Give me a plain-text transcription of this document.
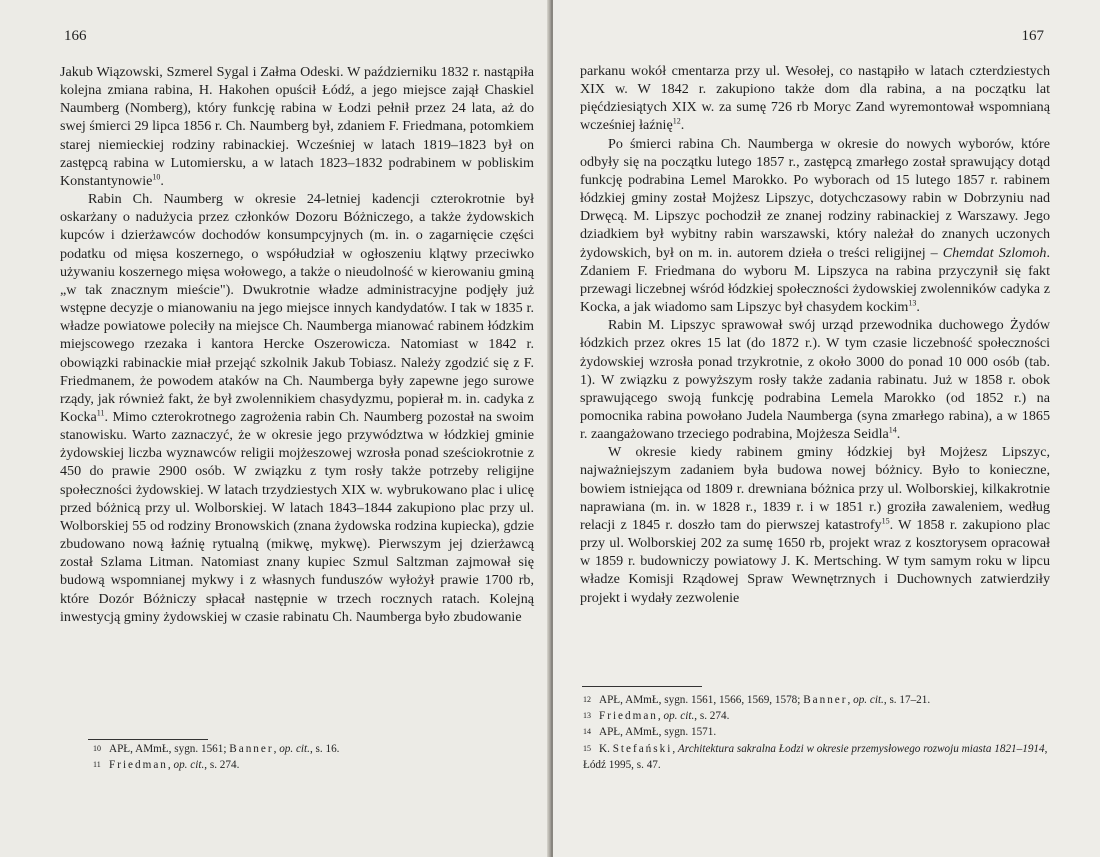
166

Jakub Wiązowski, Szmerel Sygal i Załma Odeski. W październiku 1832 r. nastąpiła kolejna zmiana rabina, H. Hakohen opuścił Łódź, a jego miejsce zajął Chaskiel Naumberg (Nomberg), który funkcję rabina w Łodzi pełnił przez 24 lata, aż do swej śmierci 29 lipca 1856 r. Ch. Naumberg był, zdaniem F. Friedmana, potomkiem starej niemieckiej rodziny rabinackiej. Wcześniej w latach 1819–1823 był on zastępcą rabina w Lutomiersku, a w latach 1823–1832 podrabinem w pobliskim Konstantynowie$^{10}$.

Rabin Ch. Naumberg w okresie 24-letniej kadencji czterokrotnie był oskarżany o nadużycia przez członków Dozoru Bóżniczego, a także żydowskich kupców i dzierżawców dochodów konsumpcyjnych (m. in. o zagarnięcie części podatku od mięsa koszernego, o współudział w ogłoszeniu klątwy przeciwko używaniu koszernego mięsa wołowego, a także o nieudolność w kierowaniu gminą „w tak znacznym mieście"). Dwukrotnie władze administracyjne podjęły już wstępne decyzje o mianowaniu na jego miejsce innych kandydatów. I tak w 1835 r. władze powiatowe poleciły na miejsce Ch. Naumberga mianować rabinem łódzkim miejscowego rzezaka i kantora Hercke Oszerowicza. Natomiast w 1842 r. obowiązki rabinackie miał przejąć szkolnik Jakub Tobiasz. Należy zgodzić się z F. Friedmanem, że powodem ataków na Ch. Naumberga były zapewne jego surowe rządy, jak również fakt, że był zwolennikiem chasydyzmu, popierał m. in. cadyka z Kocka$^{11}$. Mimo czterokrotnego zagrożenia rabin Ch. Naumberg pozostał na swoim stanowisku. Warto zaznaczyć, że w okresie jego przywództwa w łódzkiej gminie żydowskiej liczba wyznawców religii mojżeszowej wzrosła ponad sześciokrotnie z 450 do prawie 2900 osób. W związku z tym rosły także potrzeby religijne społeczności żydowskiej. W latach trzydziestych XIX w. wybrukowano plac i ulicę przed bóżnicą przy ul. Wolborskiej. W latach 1843–1844 zakupiono plac przy ul. Wolborskiej 55 od rodziny Bronowskich (znana żydowska rodzina kupiecka), gdzie zbudowano nową łaźnię rytualną (mikwę, mykwę). Pierwszym jej dzierżawcą został Szlama Litman. Natomiast znany kupiec Szmul Saltzman zajmował się budową wspomnianej mykwy i z własnych funduszów wyłożył prawie 1700 rb, które Dozór Bóżniczy spłacał następnie w trzech rocznych ratach. Kolejną inwestycją gminy żydowskiej w czasie rabinatu Ch. Naumberga było zbudowanie

10 APŁ, AMmŁ, sygn. 1561; Banner, op. cit., s. 16.
11 Friedman, op. cit., s. 274.
167

parkanu wokół cmentarza przy ul. Wesołej, co nastąpiło w latach czterdziestych XIX w. W 1842 r. zakupiono także dom dla rabina, a na początku lat pięćdziesiątych XIX w. za sumę 726 rb Moryc Zand wyremontował wspomnianą wcześniej łaźnię$^{12}$.

Po śmierci rabina Ch. Naumberga w okresie do nowych wyborów, które odbyły się na początku lutego 1857 r., zastępcą zmarłego został sprawujący dotąd funkcję podrabina Lemel Marokko. Po wyborach od 15 lutego 1857 r. rabinem łódzkiej gminy został Mojżesz Lipszyc, dotychczasowy rabin w Dobrzyniu nad Drwęcą. M. Lipszyc pochodził ze znanej rodziny rabinackiej z Warszawy. Jego dziadkiem był wybitny rabin warszawski, który należał do znanych uczonych żydowskich, był on m. in. autorem dzieła o treści religijnej – Chemdat Szlomoh. Zdaniem F. Friedmana do wyboru M. Lipszyca na rabina przyczynił się fakt przewagi liczebnej wśród łódzkiej społeczności żydowskiej zwolenników cadyka z Kocka, a jak wiadomo sam Lipszyc był chasydem kockim$^{13}$.

Rabin M. Lipszyc sprawował swój urząd przewodnika duchowego Żydów łódzkich przez okres 15 lat (do 1872 r.). W tym czasie liczebność społeczności żydowskiej wzrosła ponad trzykrotnie, z około 3000 do ponad 10 000 osób (tab. 1). W związku z powyższym rosły także zadania rabinatu. Już w 1858 r. obok sprawującego swoją funkcję podrabina Lemela Marokko (od 1852 r.) na pomocnika rabina powołano Judela Naumberga (syna zmarłego rabina), a w 1865 r. zaangażowano trzeciego podrabina, Mojżesza Seidla$^{14}$.

W okresie kiedy rabinem gminy łódzkiej był Mojżesz Lipszyc, najważniejszym zadaniem była budowa nowej bóżnicy. Było to konieczne, bowiem istniejąca od 1809 r. drewniana bóżnica przy ul. Wolborskiej, kilkakrotnie naprawiana (m. in. w 1828 r., 1839 r. i w 1851 r.) groziła zawaleniem, według relacji z 1845 r. doszło tam do pierwszej katastrofy$^{15}$. W 1858 r. zakupiono plac przy ul. Wolborskiej 202 za sumę 1650 rb, projekt wraz z kosztorysem opracował w 1859 r. budowniczy powiatowy J. K. Mertsching. W tym samym roku w lipcu władze Komisji Rządowej Spraw Wewnętrznych i Duchownych zatwierdziły projekt i wydały zezwolenie

12 APŁ, AMmŁ, sygn. 1561, 1566, 1569, 1578; Banner, op. cit., s. 17–21.
13 Friedman, op. cit., s. 274.
14 APŁ, AMmŁ, sygn. 1571.
15 K. Stefański, Architektura sakralna Łodzi w okresie przemysłowego rozwoju miasta 1821–1914, Łódź 1995, s. 47.
